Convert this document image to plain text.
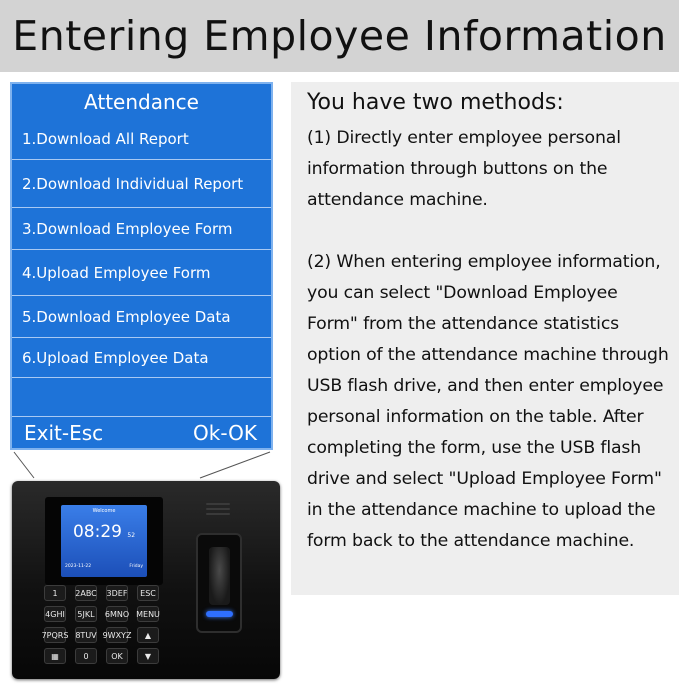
Entering Employee Information
Attendance
1.Download All Report
2.Download Individual Report
3.Download Employee Form
4.Upload Employee Form
5.Download Employee Data
6.Upload Employee Data
Exit-Esc	Ok-OK
Welcome
08:29 52
2023-11-22	Friday
1	2ABC 3DEF	ESC
4GHI	5JKL	6MNO MENU
7PQRS 8TUV 9WXYZ	▲
▦	0	OK	▼
You have two methods:
(1) Directly enter employee personal information through buttons on the attendance machine.
(2) When entering employee information, you can select "Download Employee Form" from the attendance statistics option of the attendance machine through USB flash drive, and then enter employee personal information on the table. After completing the form, use the USB flash drive and select "Upload Employee Form" in the attendance machine to upload the form back to the attendance machine.
